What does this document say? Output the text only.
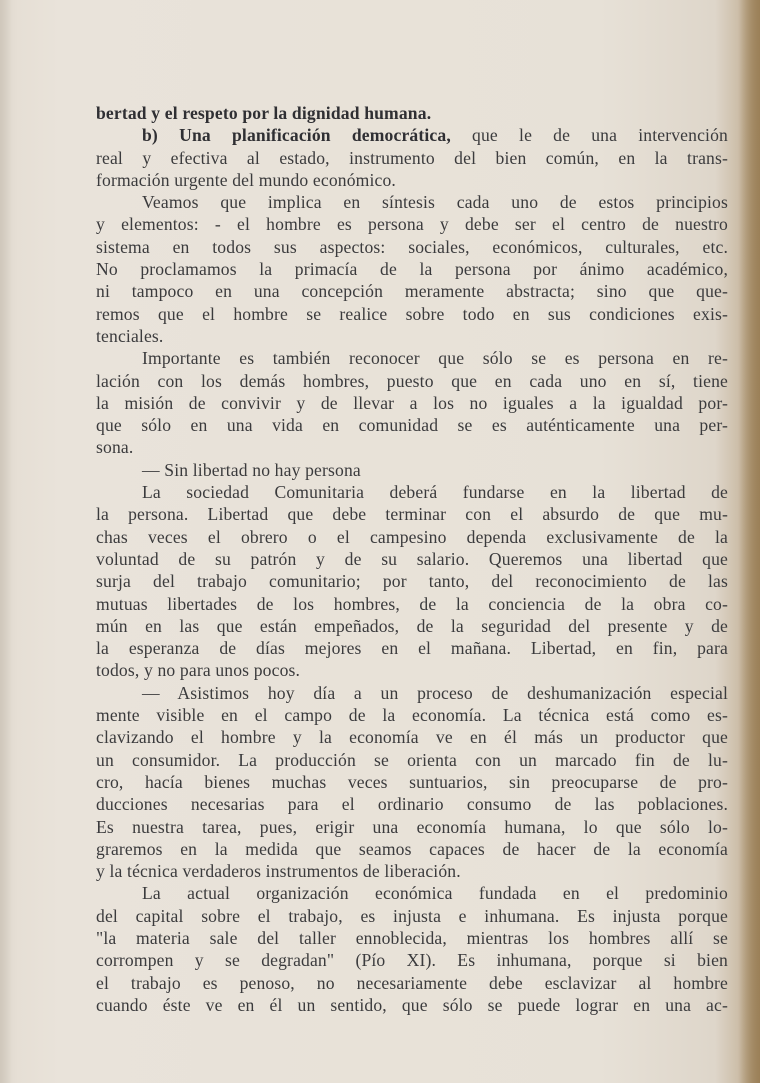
bertad y el respeto por la dignidad humana.
b) Una planificación democrática, que le de una intervención
real y efectiva al estado, instrumento del bien común, en la trans-
formación urgente del mundo económico.
Veamos que implica en síntesis cada uno de estos principios
y elementos: - el hombre es persona y debe ser el centro de nuestro
sistema en todos sus aspectos: sociales, económicos, culturales, etc.
No proclamamos la primacía de la persona por ánimo académico,
ni tampoco en una concepción meramente abstracta; sino que que-
remos que el hombre se realice sobre todo en sus condiciones exis-
tenciales.
Importante es también reconocer que sólo se es persona en re-
lación con los demás hombres, puesto que en cada uno en sí, tiene
la misión de convivir y de llevar a los no iguales a la igualdad por-
que sólo en una vida en comunidad se es auténticamente una per-
sona.
— Sin libertad no hay persona
La sociedad Comunitaria deberá fundarse en la libertad de
la persona. Libertad que debe terminar con el absurdo de que mu-
chas veces el obrero o el campesino dependa exclusivamente de la
voluntad de su patrón y de su salario. Queremos una libertad que
surja del trabajo comunitario; por tanto, del reconocimiento de las
mutuas libertades de los hombres, de la conciencia de la obra co-
mún en las que están empeñados, de la seguridad del presente y de
la esperanza de días mejores en el mañana. Libertad, en fin, para
todos, y no para unos pocos.
— Asistimos hoy día a un proceso de deshumanización especial
mente visible en el campo de la economía. La técnica está como es-
clavizando el hombre y la economía ve en él más un productor que
un consumidor. La producción se orienta con un marcado fin de lu-
cro, hacía bienes muchas veces suntuarios, sin preocuparse de pro-
ducciones necesarias para el ordinario consumo de las poblaciones.
Es nuestra tarea, pues, erigir una economía humana, lo que sólo lo-
graremos en la medida que seamos capaces de hacer de la economía
y la técnica verdaderos instrumentos de liberación.
La actual organización económica fundada en el predominio
del capital sobre el trabajo, es injusta e inhumana. Es injusta porque
"la materia sale del taller ennoblecida, mientras los hombres allí se
corrompen y se degradan" (Pío XI). Es inhumana, porque si bien
el trabajo es penoso, no necesariamente debe esclavizar al hombre
cuando éste ve en él un sentido, que sólo se puede lograr en una ac-
